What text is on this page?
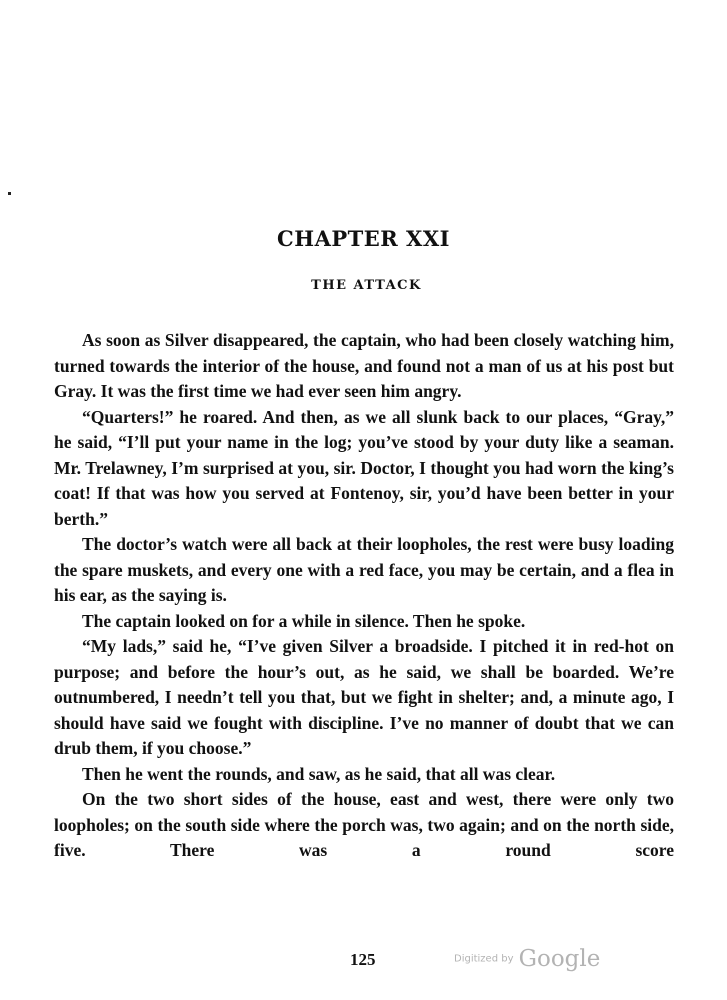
CHAPTER XXI
THE ATTACK

As soon as Silver disappeared, the captain, who had been closely watching him, turned towards the interior of the house, and found not a man of us at his post but Gray. It was the first time we had ever seen him angry.

“Quarters!” he roared. And then, as we all slunk back to our places, “Gray,” he said, “I’ll put your name in the log; you’ve stood by your duty like a seaman. Mr. Trelawney, I’m surprised at you, sir. Doctor, I thought you had worn the king’s coat! If that was how you served at Fontenoy, sir, you’d have been better in your berth.”

The doctor’s watch were all back at their loopholes, the rest were busy loading the spare muskets, and every one with a red face, you may be certain, and a flea in his ear, as the saying is.

The captain looked on for a while in silence. Then he spoke.

“My lads,” said he, “I’ve given Silver a broadside. I pitched it in red-hot on purpose; and before the hour’s out, as he said, we shall be boarded. We’re outnumbered, I needn’t tell you that, but we fight in shelter; and, a minute ago, I should have said we fought with discipline. I’ve no manner of doubt that we can drub them, if you choose.”

Then he went the rounds, and saw, as he said, that all was clear.

On the two short sides of the house, east and west, there were only two loopholes; on the south side where the porch was, two again; and on the north side, five. There was a round score

125	Digitized by Google
